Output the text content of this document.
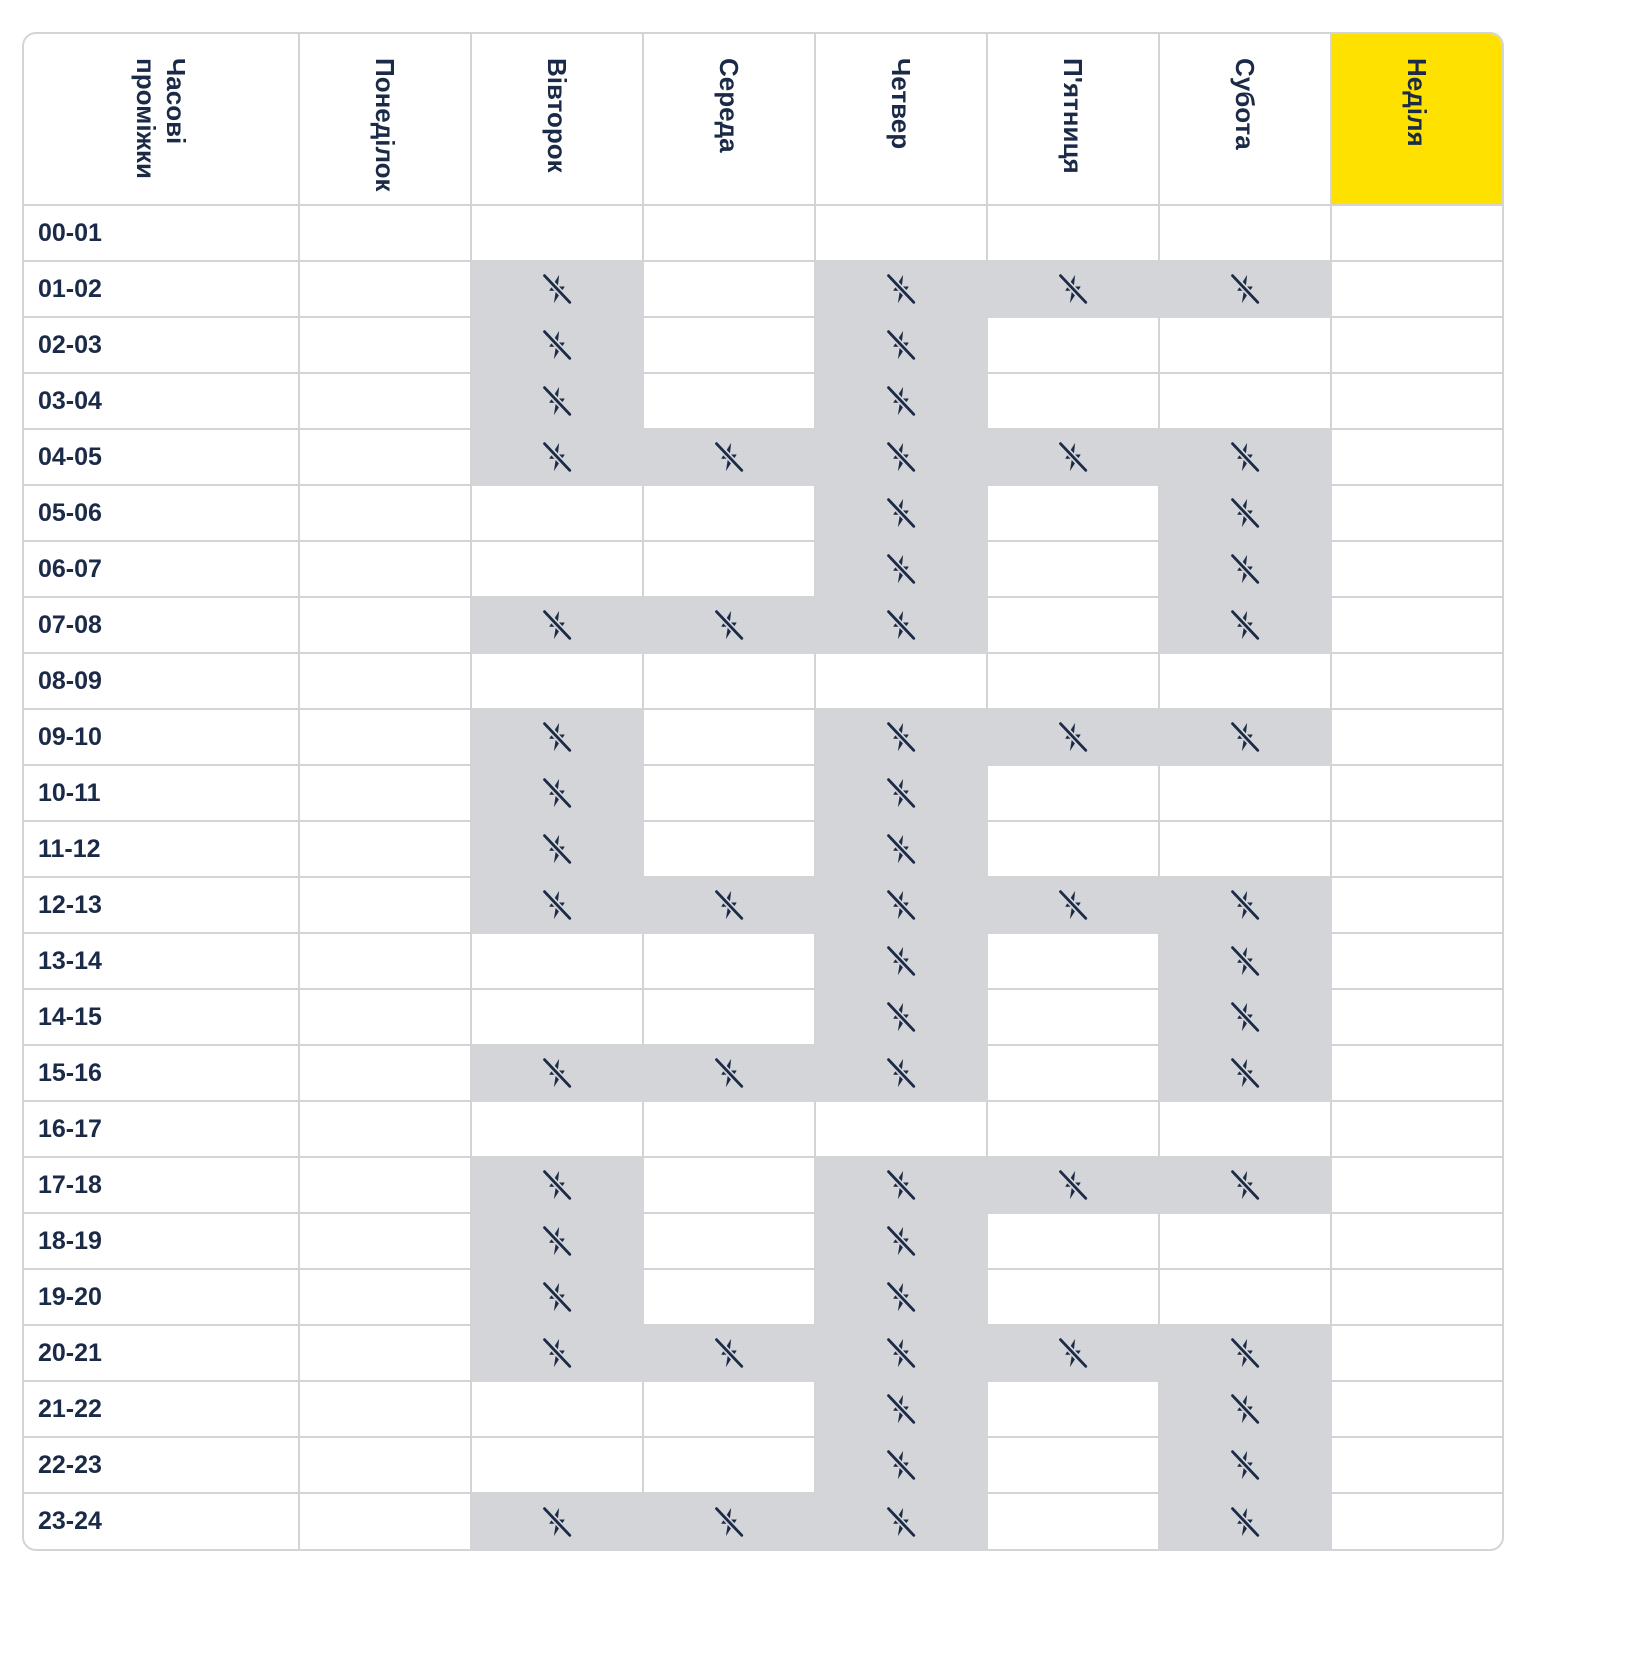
Часові
проміжки	Понеділок	Вівторок	Середа	Четвер	П'ятниця	Субота	Неділя

00-01							
01-02							
02-03							
03-04							
04-05							
05-06							
06-07							
07-08							
08-09							
09-10							
10-11							
11-12							
12-13							
13-14							
14-15							
15-16							
16-17							
17-18							
18-19							
19-20							
20-21							
21-22							
22-23							
23-24							
